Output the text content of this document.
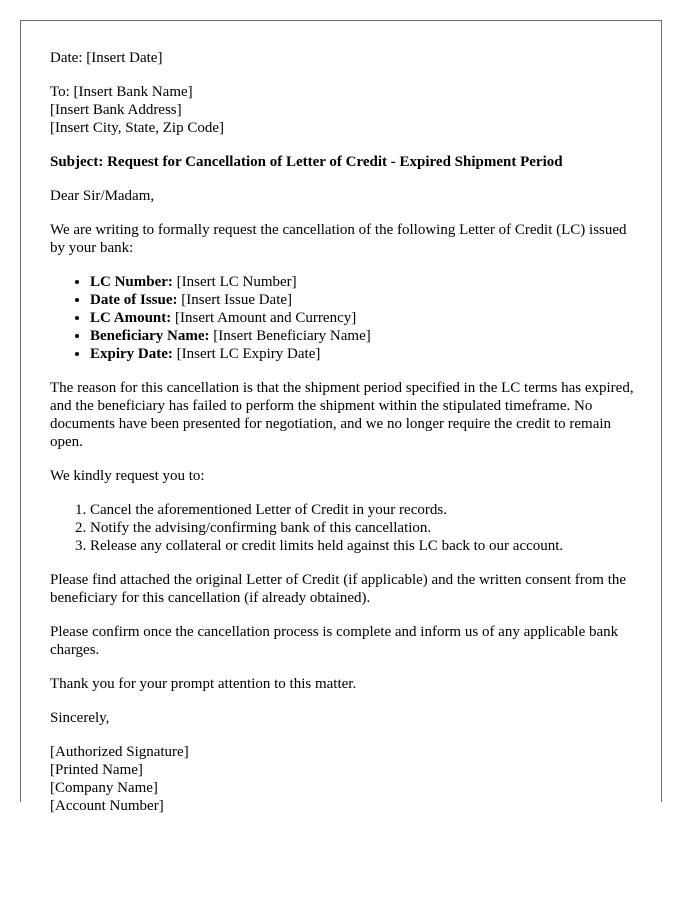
Date: [Insert Date]

To: [Insert Bank Name]
[Insert Bank Address]
[Insert City, State, Zip Code]

Subject: Request for Cancellation of Letter of Credit - Expired Shipment Period

Dear Sir/Madam,

We are writing to formally request the cancellation of the following Letter of Credit (LC) issued by your bank:

• LC Number: [Insert LC Number]
• Date of Issue: [Insert Issue Date]
• LC Amount: [Insert Amount and Currency]
• Beneficiary Name: [Insert Beneficiary Name]
• Expiry Date: [Insert LC Expiry Date]

The reason for this cancellation is that the shipment period specified in the LC terms has expired, and the beneficiary has failed to perform the shipment within the stipulated timeframe. No documents have been presented for negotiation, and we no longer require the credit to remain open.

We kindly request you to:

1. Cancel the aforementioned Letter of Credit in your records.
2. Notify the advising/confirming bank of this cancellation.
3. Release any collateral or credit limits held against this LC back to our account.

Please find attached the original Letter of Credit (if applicable) and the written consent from the beneficiary for this cancellation (if already obtained).

Please confirm once the cancellation process is complete and inform us of any applicable bank charges.

Thank you for your prompt attention to this matter.

Sincerely,

[Authorized Signature]
[Printed Name]
[Company Name]
[Account Number]
